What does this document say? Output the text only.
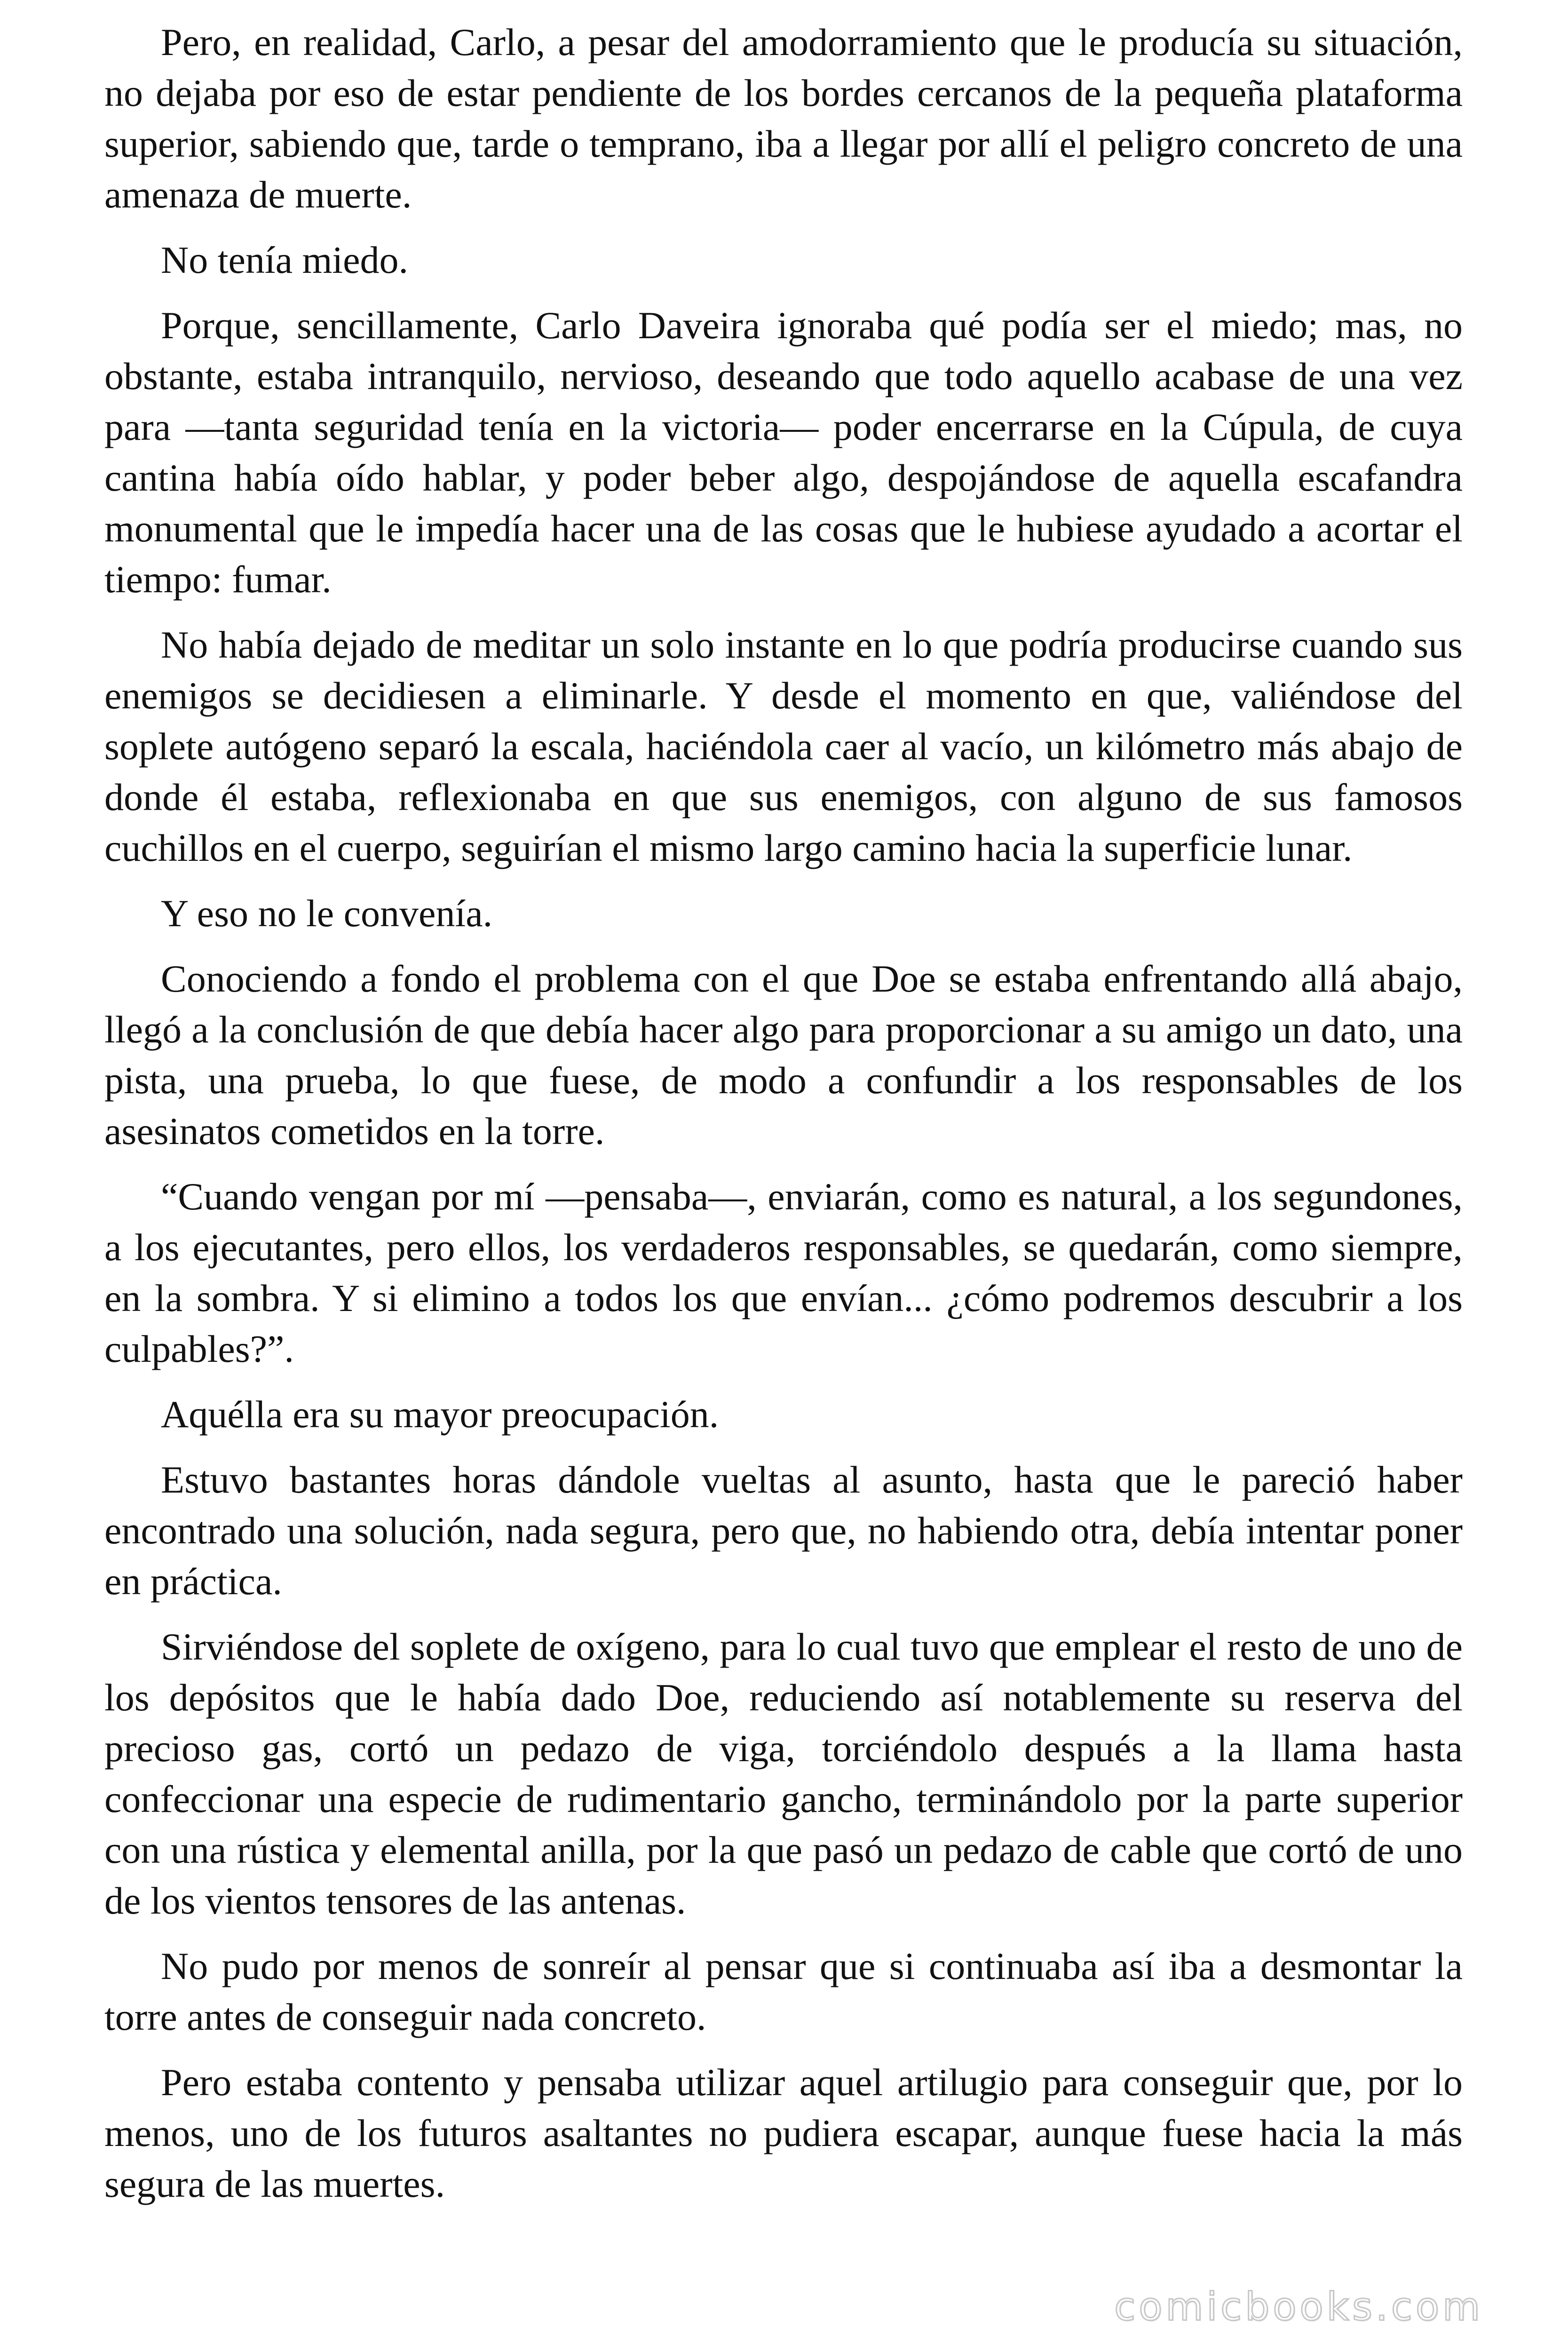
Pero, en realidad, Carlo, a pesar del amodorramiento que le producía su situación, no dejaba por eso de estar pendiente de los bordes cercanos de la pequeña plataforma superior, sabiendo que, tarde o temprano, iba a llegar por allí el peligro concreto de una amenaza de muerte.

No tenía miedo.

Porque, sencillamente, Carlo Daveira ignoraba qué podía ser el miedo; mas, no obstante, estaba intranquilo, nervioso, deseando que todo aquello acabase de una vez para —tanta seguridad tenía en la victoria— poder encerrarse en la Cúpula, de cuya cantina había oído hablar, y poder beber algo, despojándose de aquella escafandra monumental que le impedía hacer una de las cosas que le hubiese ayudado a acortar el tiempo: fumar.

No había dejado de meditar un solo instante en lo que podría producirse cuando sus enemigos se decidiesen a eliminarle. Y desde el momento en que, valiéndose del soplete autógeno separó la escala, haciéndola caer al vacío, un kilómetro más abajo de donde él estaba, reflexionaba en que sus enemigos, con alguno de sus famosos cuchillos en el cuerpo, seguirían el mismo largo camino hacia la superficie lunar.

Y eso no le convenía.

Conociendo a fondo el problema con el que Doe se estaba enfrentando allá abajo, llegó a la conclusión de que debía hacer algo para proporcionar a su amigo un dato, una pista, una prueba, lo que fuese, de modo a confundir a los responsables de los asesinatos cometidos en la torre.

“Cuando vengan por mí —pensaba—, enviarán, como es natural, a los segundones, a los ejecutantes, pero ellos, los verdaderos responsables, se quedarán, como siempre, en la sombra. Y si elimino a todos los que envían... ¿cómo podremos descubrir a los culpables?”.

Aquélla era su mayor preocupación.

Estuvo bastantes horas dándole vueltas al asunto, hasta que le pareció haber encontrado una solución, nada segura, pero que, no habiendo otra, debía intentar poner en práctica.

Sirviéndose del soplete de oxígeno, para lo cual tuvo que emplear el resto de uno de los depósitos que le había dado Doe, reduciendo así notablemente su reserva del precioso gas, cortó un pedazo de viga, torciéndolo después a la llama hasta confeccionar una especie de rudimentario gancho, terminándolo por la parte superior con una rústica y elemental anilla, por la que pasó un pedazo de cable que cortó de uno de los vientos tensores de las antenas.

No pudo por menos de sonreír al pensar que si continuaba así iba a desmontar la torre antes de conseguir nada concreto.

Pero estaba contento y pensaba utilizar aquel artilugio para conseguir que, por lo menos, uno de los futuros asaltantes no pudiera escapar, aunque fuese hacia la más segura de las muertes.

comicbooks.com
